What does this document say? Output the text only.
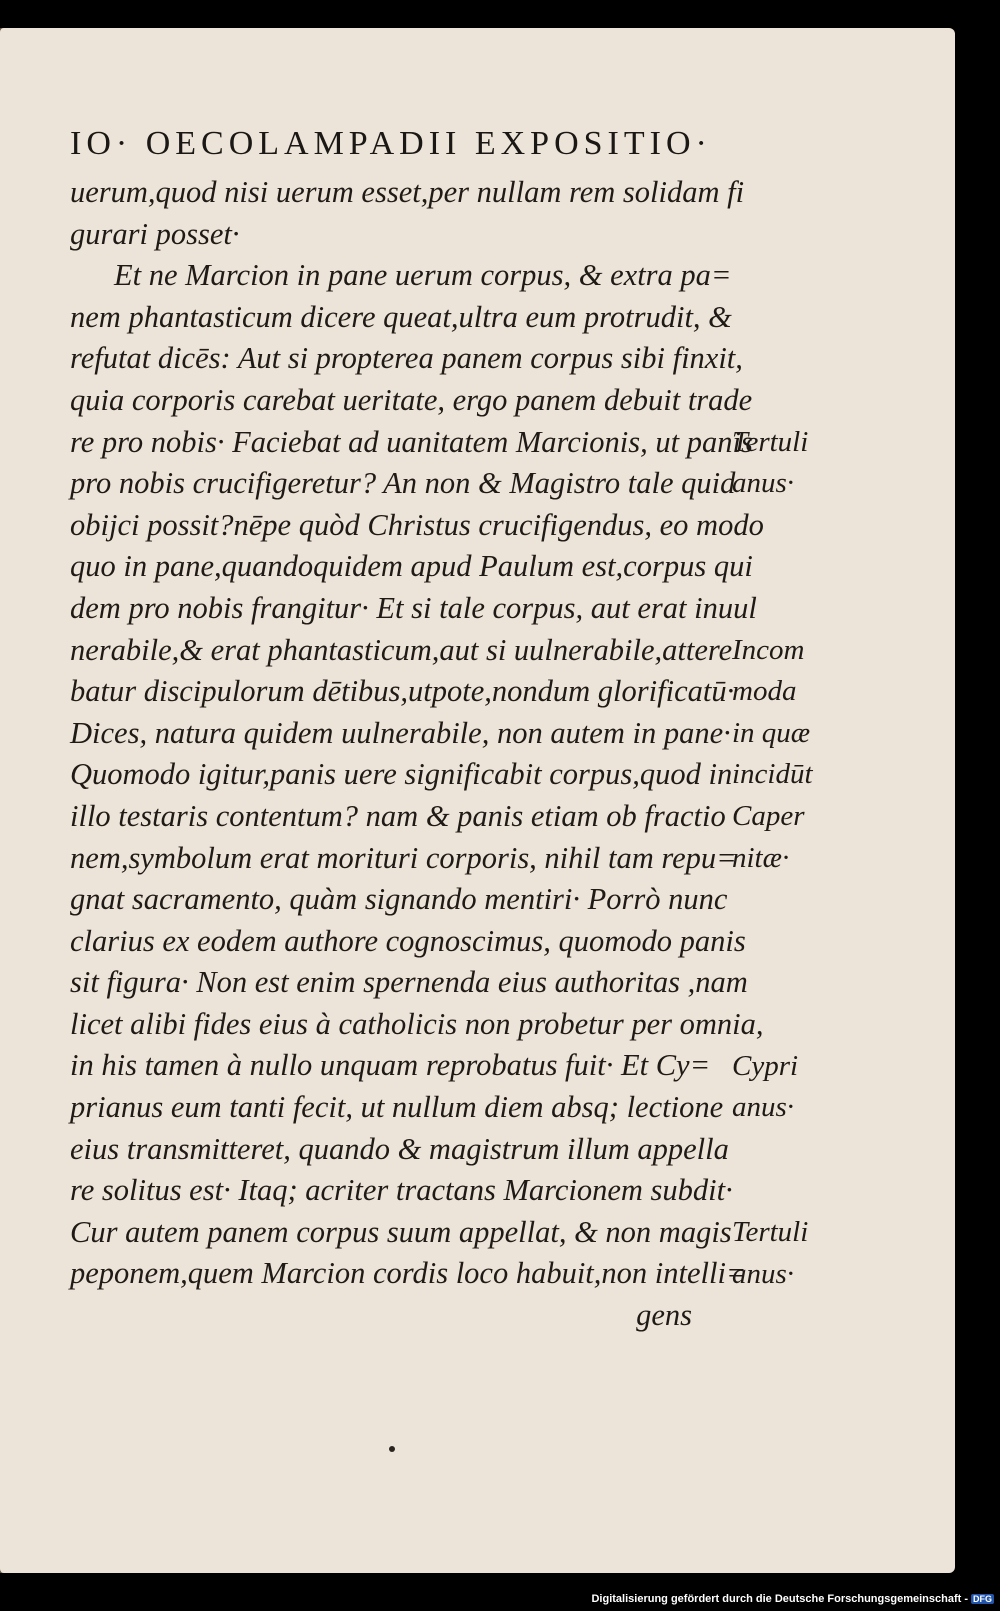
IO· OECOLAMPADII EXPOSITIO·
uerum,quod nisi uerum esset,per nullam rem solidam fi
gurari posset·
Et ne Marcion in pane uerum corpus, & extra pa=
nem phantasticum dicere queat,ultra eum protrudit, &
refutat dicēs: Aut si propterea panem corpus sibi finxit,
quia corporis carebat ueritate, ergo panem debuit trade
re pro nobis· Faciebat ad uanitatem Marcionis, ut panis
pro nobis crucifigeretur? An non & Magistro tale quid
obijci possit?nēpe quòd Christus crucifigendus, eo modo
quo in pane,quandoquidem apud Paulum est,corpus qui
dem pro nobis frangitur· Et si tale corpus, aut erat inuul
nerabile,& erat phantasticum,aut si uulnerabile,attere
batur discipulorum dētibus,utpote,nondum glorificatū·
Dices, natura quidem uulnerabile, non autem in pane·
Quomodo igitur,panis uere significabit corpus,quod in
illo testaris contentum? nam & panis etiam ob fractio
nem,symbolum erat morituri corporis, nihil tam repu=
gnat sacramento, quàm signando mentiri· Porrò nunc
clarius ex eodem authore cognoscimus, quomodo panis
sit figura· Non est enim spernenda eius authoritas ,nam
licet alibi fides eius à catholicis non probetur per omnia,
in his tamen à nullo unquam reprobatus fuit· Et Cy=
prianus eum tanti fecit, ut nullum diem absq; lectione
eius transmitteret, quando & magistrum illum appella
re solitus est· Itaq; acriter tractans Marcionem subdit·
Cur autem panem corpus suum appellat, & non magis
peponem,quem Marcion cordis loco habuit,non intelli=
gens
Tertuli
anus·
Incom
moda
in quæ
incidūt
Caper
nitæ·
Cypri
anus·
Tertuli
anus·
Digitalisierung gefördert durch die Deutsche Forschungsgemeinschaft - DFG
